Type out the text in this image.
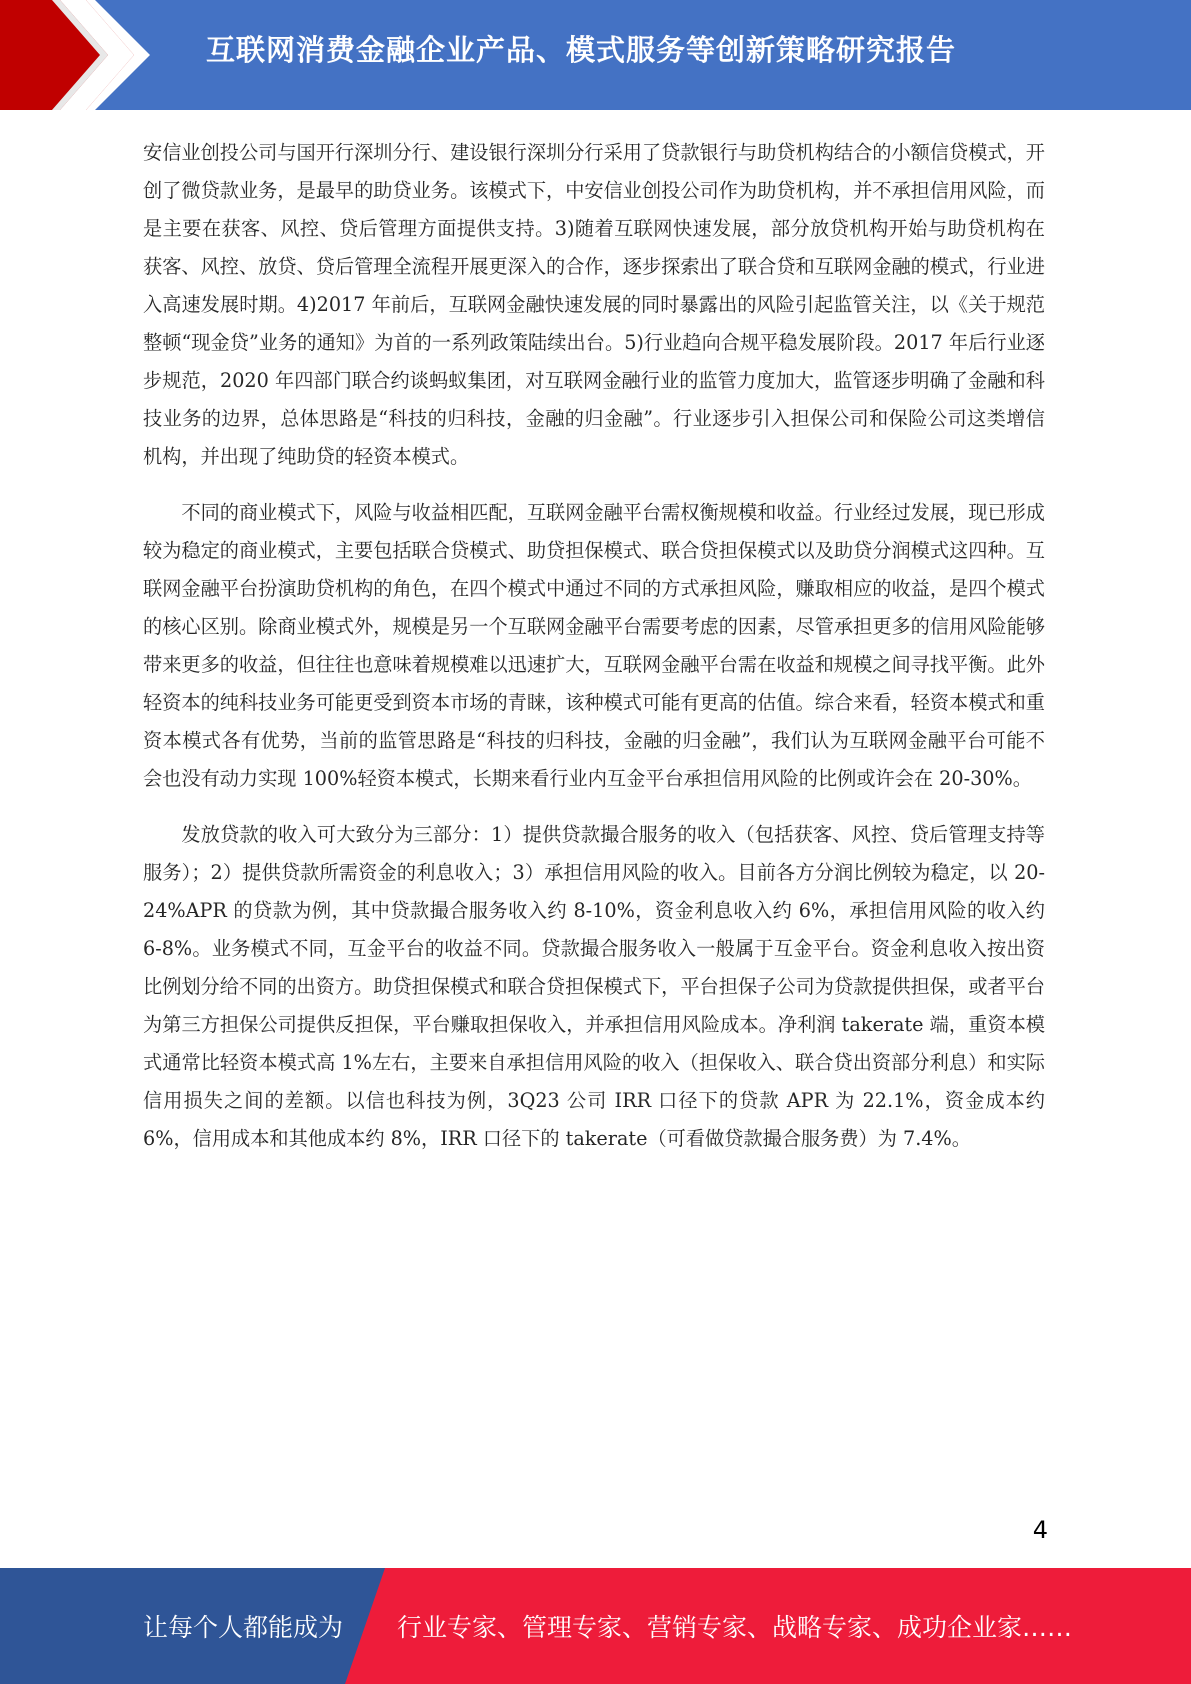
互联网消费金融企业产品、模式服务等创新策略研究报告

安信业创投公司与国开行深圳分行、建设银行深圳分行采用了贷款银行与助贷机构结合的小额信贷模式，开创了微贷款业务，是最早的助贷业务。该模式下，中安信业创投公司作为助贷机构，并不承担信用风险，而是主要在获客、风控、贷后管理方面提供支持。3)随着互联网快速发展，部分放贷机构开始与助贷机构在获客、风控、放贷、贷后管理全流程开展更深入的合作，逐步探索出了联合贷和互联网金融的模式，行业进入高速发展时期。4)2017 年前后，互联网金融快速发展的同时暴露出的风险引起监管关注，以《关于规范整顿“现金贷”业务的通知》为首的一系列政策陆续出台。5)行业趋向合规平稳发展阶段。2017 年后行业逐步规范，2020 年四部门联合约谈蚂蚁集团，对互联网金融行业的监管力度加大，监管逐步明确了金融和科技业务的边界，总体思路是“科技的归科技，金融的归金融”。行业逐步引入担保公司和保险公司这类增信机构，并出现了纯助贷的轻资本模式。

不同的商业模式下，风险与收益相匹配，互联网金融平台需权衡规模和收益。行业经过发展，现已形成较为稳定的商业模式，主要包括联合贷模式、助贷担保模式、联合贷担保模式以及助贷分润模式这四种。互联网金融平台扮演助贷机构的角色，在四个模式中通过不同的方式承担风险，赚取相应的收益，是四个模式的核心区别。除商业模式外，规模是另一个互联网金融平台需要考虑的因素，尽管承担更多的信用风险能够带来更多的收益，但往往也意味着规模难以迅速扩大，互联网金融平台需在收益和规模之间寻找平衡。此外轻资本的纯科技业务可能更受到资本市场的青睐，该种模式可能有更高的估值。综合来看，轻资本模式和重资本模式各有优势，当前的监管思路是“科技的归科技，金融的归金融”，我们认为互联网金融平台可能不会也没有动力实现 100%轻资本模式，长期来看行业内互金平台承担信用风险的比例或许会在 20-30%。

发放贷款的收入可大致分为三部分：1）提供贷款撮合服务的收入（包括获客、风控、贷后管理支持等服务）；2）提供贷款所需资金的利息收入；3）承担信用风险的收入。目前各方分润比例较为稳定，以 20-24%APR 的贷款为例，其中贷款撮合服务收入约 8-10%，资金利息收入约 6%，承担信用风险的收入约 6-8%。业务模式不同，互金平台的收益不同。贷款撮合服务收入一般属于互金平台。资金利息收入按出资比例划分给不同的出资方。助贷担保模式和联合贷担保模式下，平台担保子公司为贷款提供担保，或者平台为第三方担保公司提供反担保，平台赚取担保收入，并承担信用风险成本。净利润 takerate 端，重资本模式通常比轻资本模式高 1%左右，主要来自承担信用风险的收入（担保收入、联合贷出资部分利息）和实际信用损失之间的差额。以信也科技为例，3Q23 公司 IRR 口径下的贷款 APR 为 22.1%，资金成本约 6%，信用成本和其他成本约 8%，IRR 口径下的 takerate（可看做贷款撮合服务费）为 7.4%。

4
让每个人都能成为 行业专家、管理专家、营销专家、战略专家、成功企业家……
